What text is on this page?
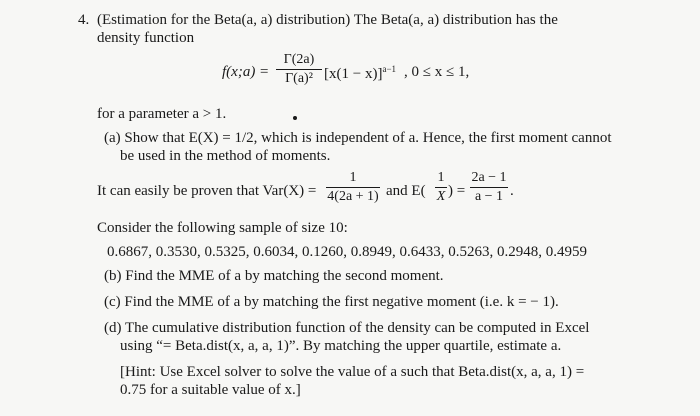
4. (Estimation for the Beta(a, a) distribution) The Beta(a, a) distribution has the
density function
f(x;a) =
Γ(2a)
Γ(a)² $[x(1 - x)]^{a-1}$ , 0 ≤ x ≤ 1,
for a parameter a > 1.
(a) Show that E(X) = 1/2, which is independent of a. Hence, the first moment cannot
be used in the method of moments.
It can easily be proven that Var(X) =
1
4(2a + 1) and E(
1
X ) =
2a − 1
a − 1 .
Consider the following sample of size 10:
0.6867, 0.3530, 0.5325, 0.6034, 0.1260, 0.8949, 0.6433, 0.5263, 0.2948, 0.4959
(b) Find the MME of a by matching the second moment.
(c) Find the MME of a by matching the first negative moment (i.e. k = − 1).
(d) The cumulative distribution function of the density can be computed in Excel
using “= Beta.dist(x, a, a, 1)”. By matching the upper quartile, estimate a.
[Hint: Use Excel solver to solve the value of a such that Beta.dist(x, a, a, 1) =
0.75 for a suitable value of x.]
